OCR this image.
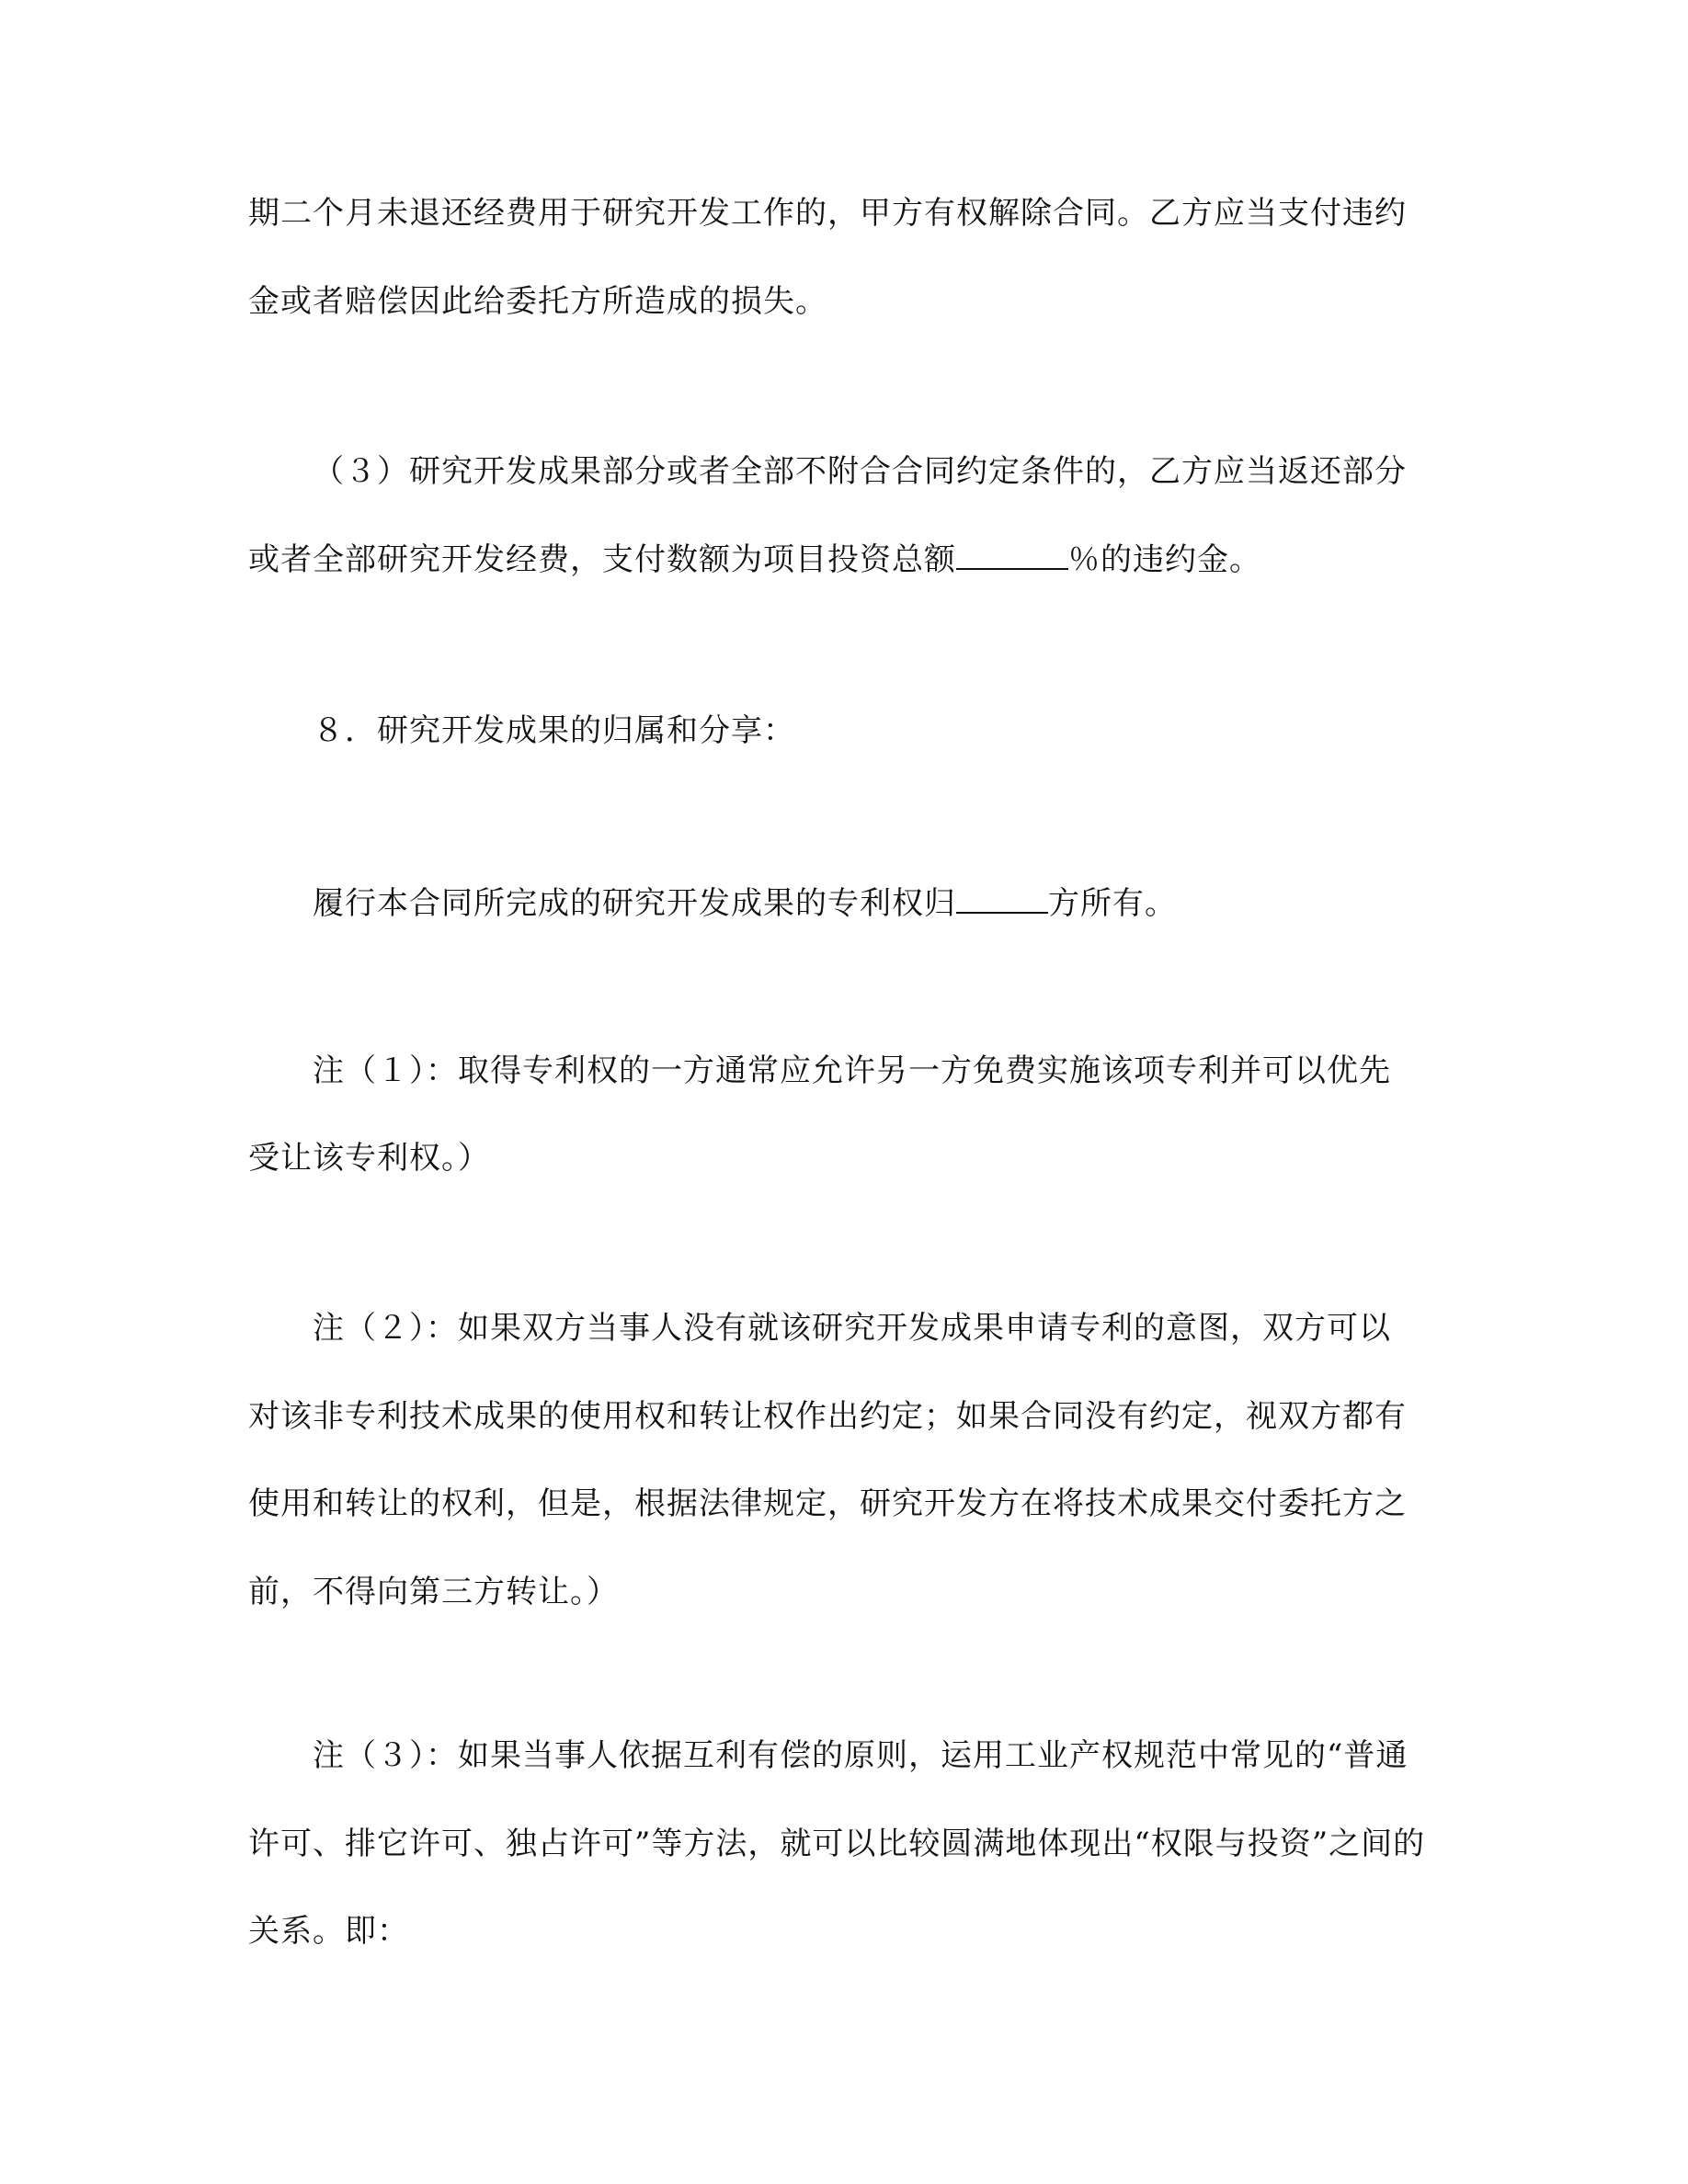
期二个月未退还经费用于研究开发工作的，甲方有权解除合同。乙方应当支付违约
金或者赔偿因此给委托方所造成的损失。
（３）研究开发成果部分或者全部不附合合同约定条件的，乙方应当返还部分
或者全部研究开发经费，支付数额为项目投资总额	％的违约金。
８．研究开发成果的归属和分享：
履行本合同所完成的研究开发成果的专利权归	方所有。
注（１）：取得专利权的一方通常应允许另一方免费实施该项专利并可以优先
受让该专利权。）
注（２）：如果双方当事人没有就该研究开发成果申请专利的意图，双方可以
对该非专利技术成果的使用权和转让权作出约定；如果合同没有约定，视双方都有
使用和转让的权利，但是，根据法律规定，研究开发方在将技术成果交付委托方之
前，不得向第三方转让。）
注（３）：如果当事人依据互利有偿的原则，运用工业产权规范中常见的“普通
许可、排它许可、独占许可”等方法，就可以比较圆满地体现出“权限与投资”之间的
关系。即：
